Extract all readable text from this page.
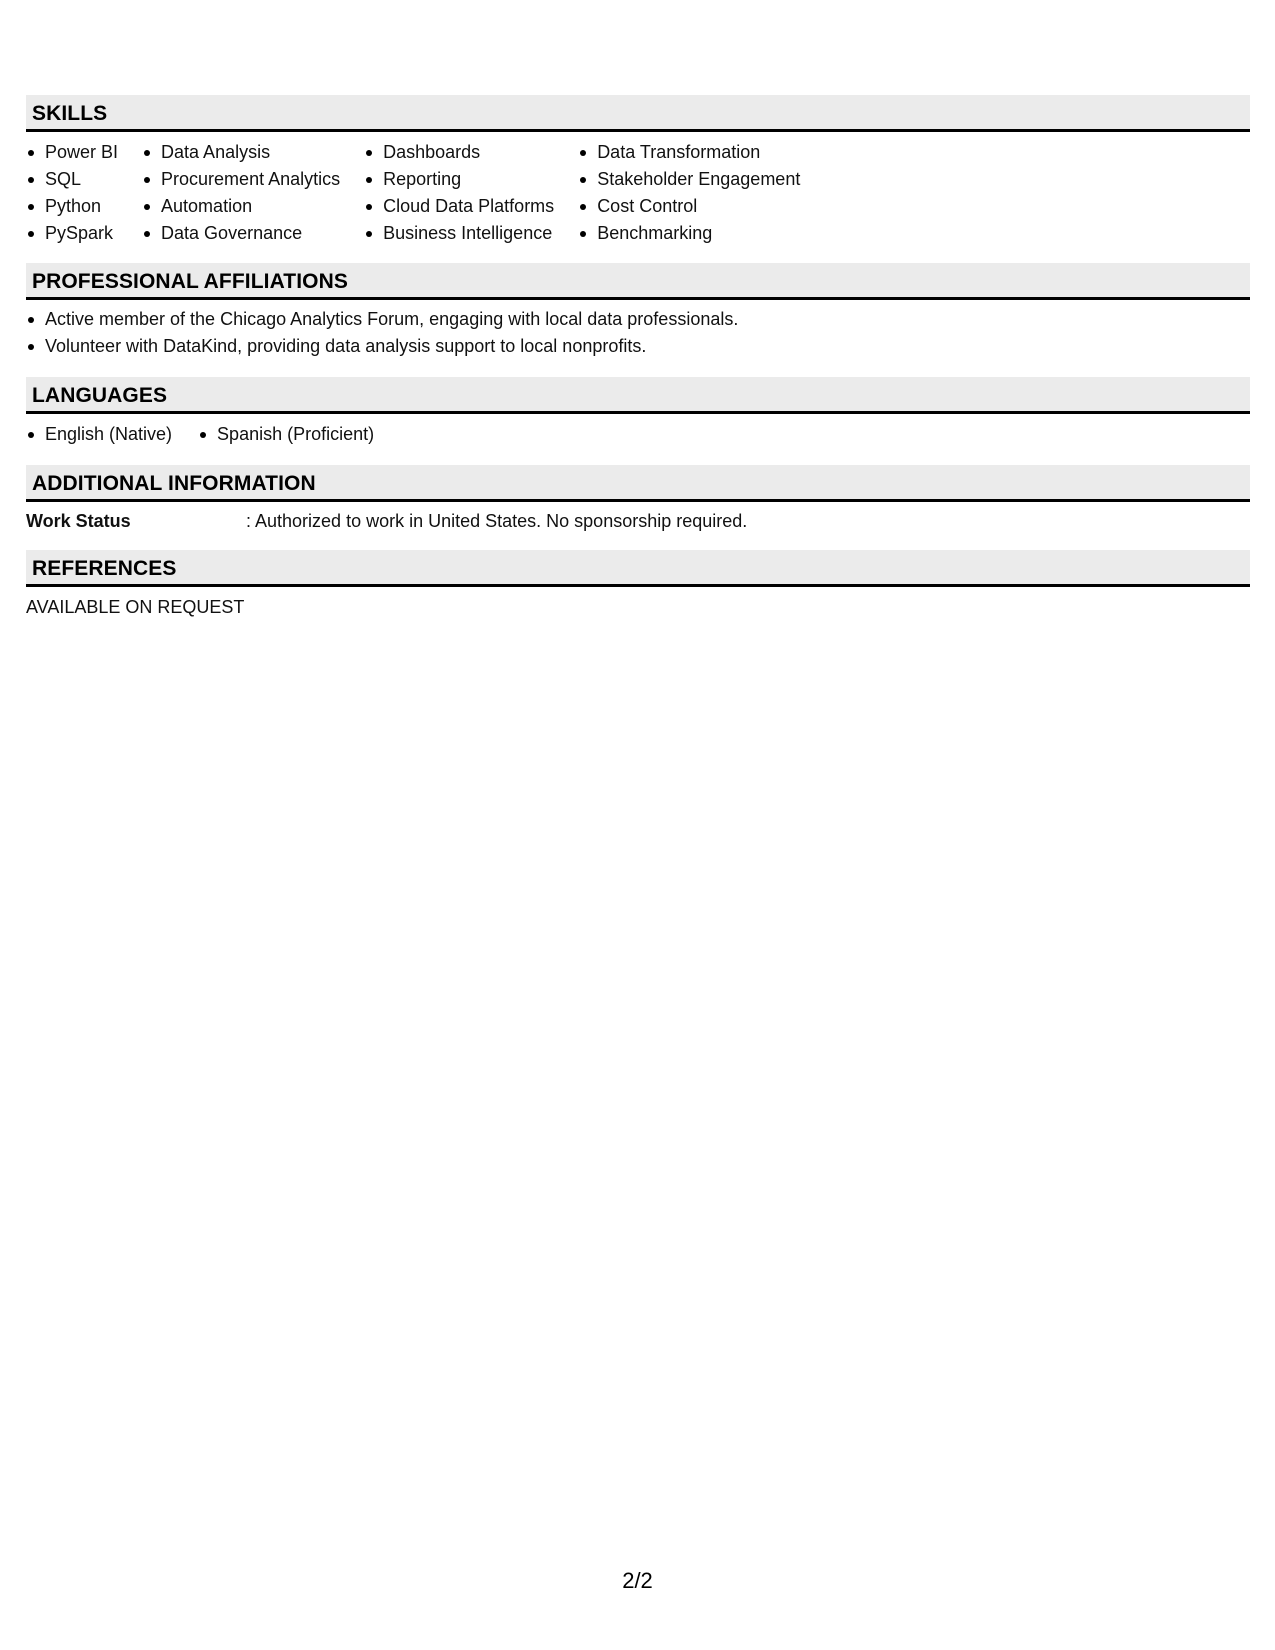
SKILLS
Power BI
SQL
Python
PySpark
Data Analysis
Procurement Analytics
Automation
Data Governance
Dashboards
Reporting
Cloud Data Platforms
Business Intelligence
Data Transformation
Stakeholder Engagement
Cost Control
Benchmarking
PROFESSIONAL AFFILIATIONS
Active member of the Chicago Analytics Forum, engaging with local data professionals.
Volunteer with DataKind, providing data analysis support to local nonprofits.
LANGUAGES
English (Native)	Spanish (Proficient)
ADDITIONAL INFORMATION
Work Status	: Authorized to work in United States. No sponsorship required.
REFERENCES
AVAILABLE ON REQUEST
2/2
